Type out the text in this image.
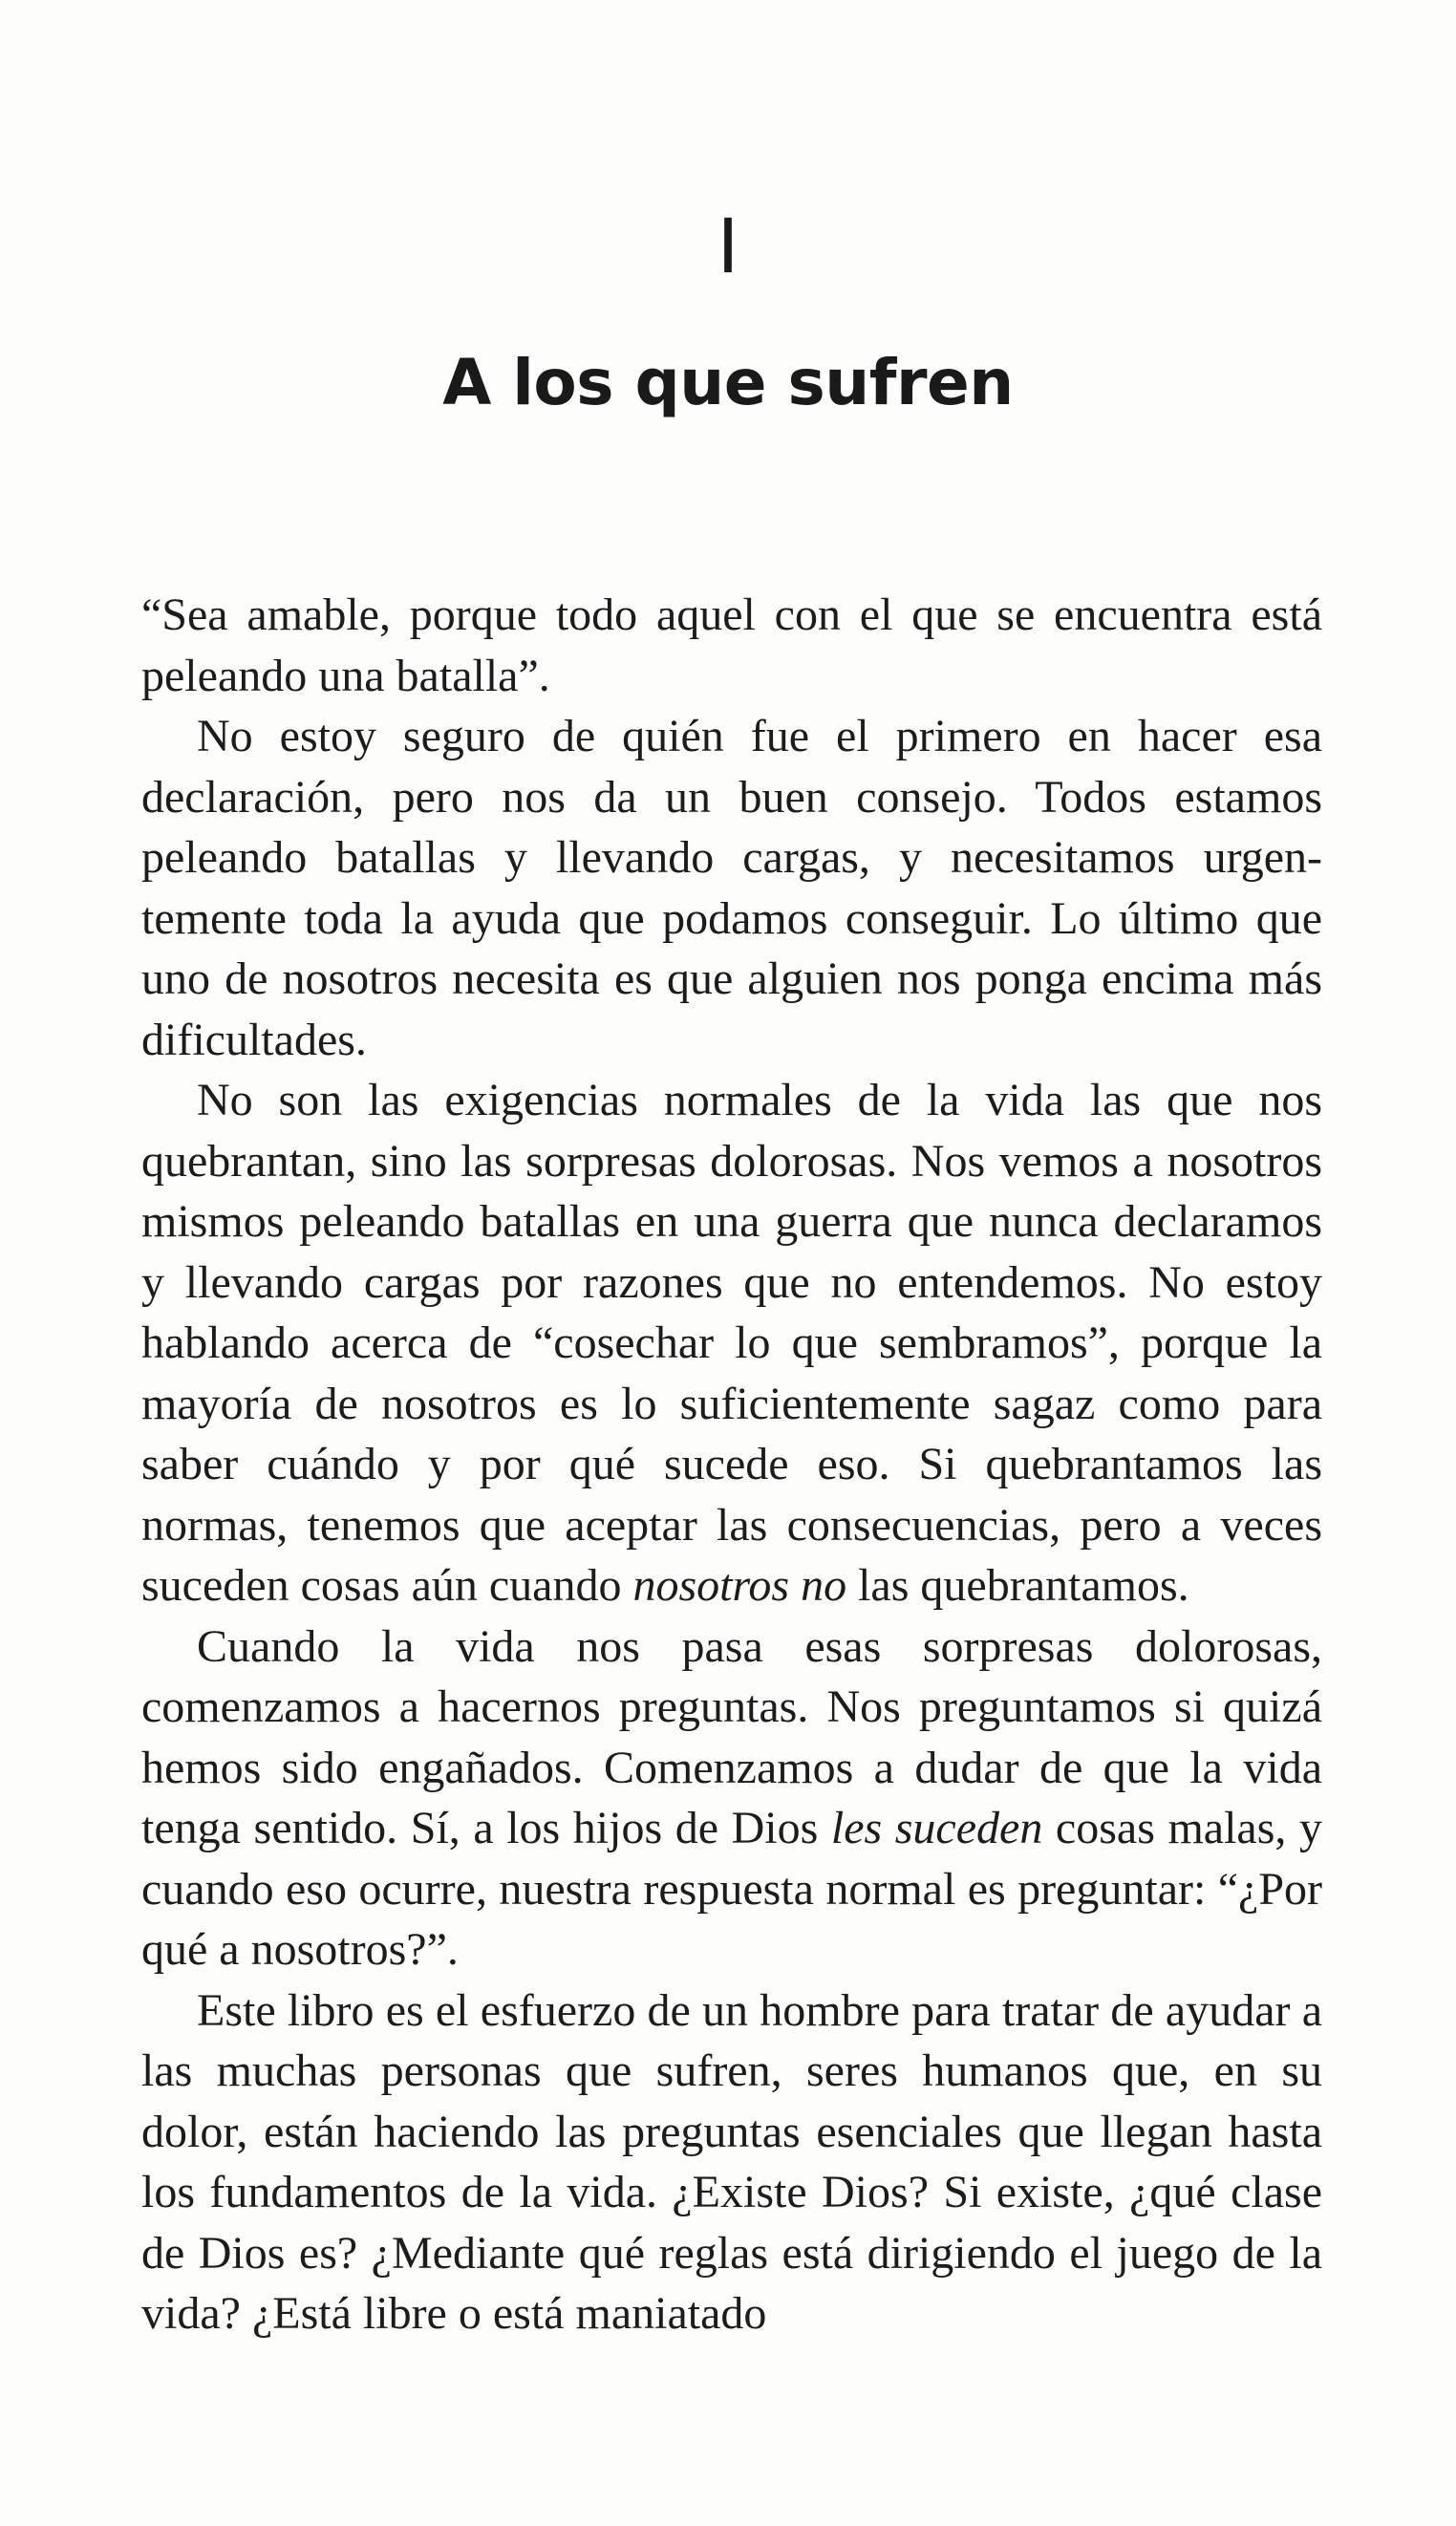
I
A los que sufren

“Sea amable, porque todo aquel con el que se encuentra está peleando una batalla”.

No estoy seguro de quién fue el primero en hacer esa declaración, pero nos da un buen consejo. Todos estamos peleando batallas y llevando cargas, y necesitamos urgentemente toda la ayuda que podamos conseguir. Lo último que uno de nosotros necesita es que alguien nos ponga encima más dificultades.

No son las exigencias normales de la vida las que nos quebrantan, sino las sorpresas dolorosas. Nos vemos a nosotros mismos peleando batallas en una guerra que nunca declaramos y llevando cargas por razones que no entendemos. No estoy hablando acerca de “cosechar lo que sembramos”, porque la mayoría de nosotros es lo suficientemente sagaz como para saber cuándo y por qué sucede eso. Si quebrantamos las normas, tenemos que aceptar las consecuencias, pero a veces suceden cosas aún cuando nosotros no las quebrantamos.

Cuando la vida nos pasa esas sorpresas dolorosas, comenzamos a hacernos preguntas. Nos preguntamos si quizá hemos sido engañados. Comenzamos a dudar de que la vida tenga sentido. Sí, a los hijos de Dios les suceden cosas malas, y cuando eso ocurre, nuestra respuesta normal es preguntar: “¿Por qué a nosotros?”.

Este libro es el esfuerzo de un hombre para tratar de ayudar a las muchas personas que sufren, seres humanos que, en su dolor, están haciendo las preguntas esenciales que llegan hasta los fundamentos de la vida. ¿Existe Dios? Si existe, ¿qué clase de Dios es? ¿Mediante qué reglas está dirigiendo el juego de la vida? ¿Está libre o está maniatado
